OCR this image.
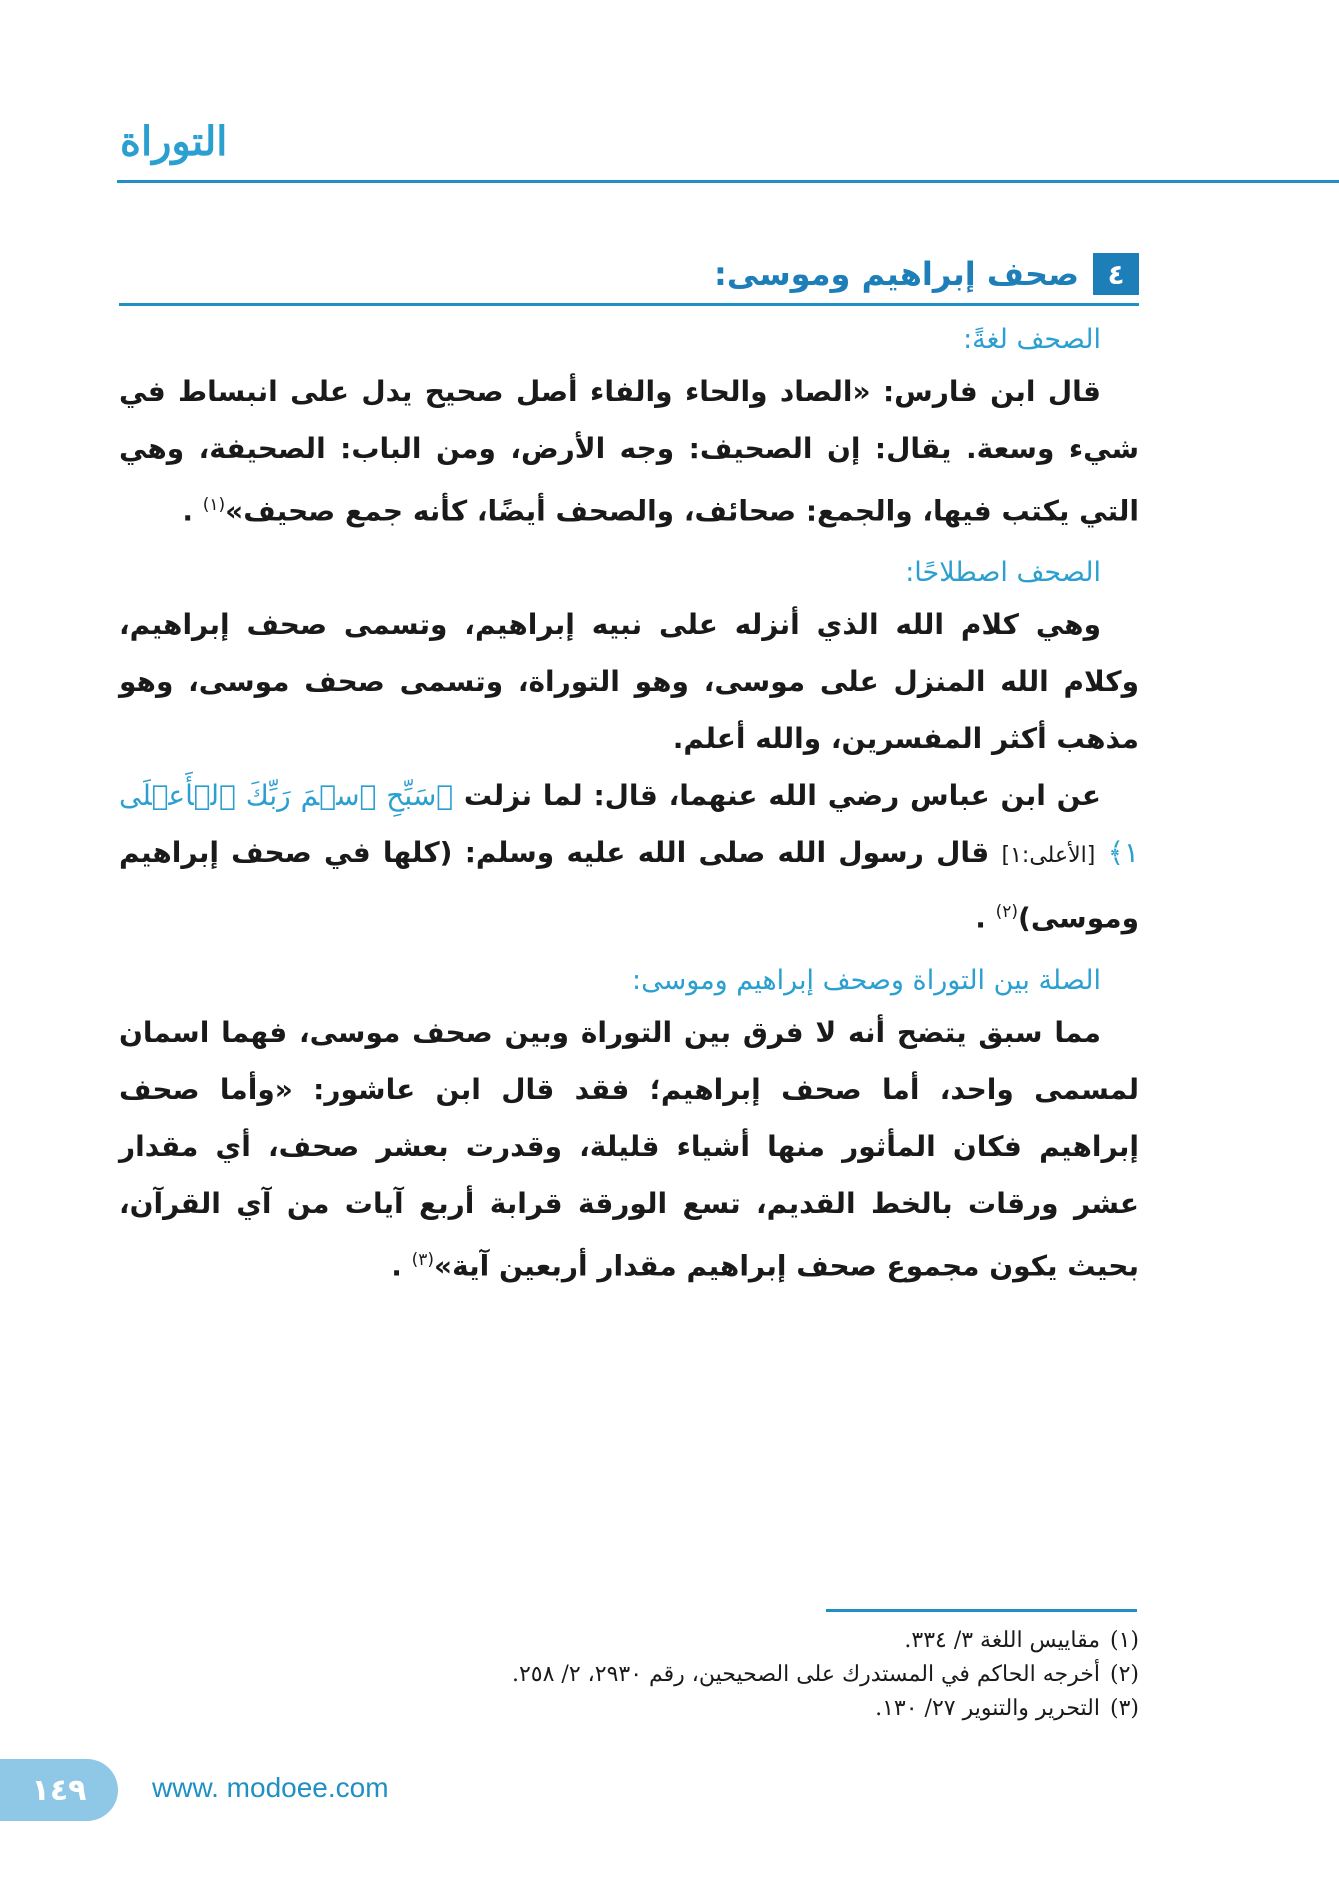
التوراة
٤
صحف إبراهيم وموسى:
الصحف لغةً:

قال ابن فارس: «الصاد والحاء والفاء أصل صحيح يدل على انبساط في شيء وسعة. يقال: إن الصحيف: وجه الأرض، ومن الباب: الصحيفة، وهي التي يكتب فيها، والجمع: صحائف، والصحف أيضًا، كأنه جمع صحيف»$^{(١)}$ .

الصحف اصطلاحًا:

وهي كلام الله الذي أنزله على نبيه إبراهيم، وتسمى صحف إبراهيم، وكلام الله المنزل على موسى، وهو التوراة، وتسمى صحف موسى، وهو مذهب أكثر المفسرين، والله أعلم.

عن ابن عباس رضي الله عنهما، قال: لما نزلت ﴿سَبِّحِ ٱسۡمَ رَبِّكَ ٱلۡأَعۡلَى ١﴾ [الأعلى:١] قال رسول الله صلى الله عليه وسلم: (كلها في صحف إبراهيم وموسى)$^{(٢)}$ .

الصلة بين التوراة وصحف إبراهيم وموسى:

مما سبق يتضح أنه لا فرق بين التوراة وبين صحف موسى، فهما اسمان لمسمى واحد، أما صحف إبراهيم؛ فقد قال ابن عاشور: «وأما صحف إبراهيم فكان المأثور منها أشياء قليلة، وقدرت بعشر صحف، أي مقدار عشر ورقات بالخط القديم، تسع الورقة قرابة أربع آيات من آي القرآن، بحيث يكون مجموع صحف إبراهيم مقدار أربعين آية»$^{(٣)}$ .

(١)
مقاييس اللغة ٣/ ٣٣٤.
(٢)
أخرجه الحاكم في المستدرك على الصحيحين، رقم ٢٩٣٠، ٢/ ٢٥٨.
(٣)
التحرير والتنوير ٢٧/ ١٣٠.
١٤٩	www. modoee.com
